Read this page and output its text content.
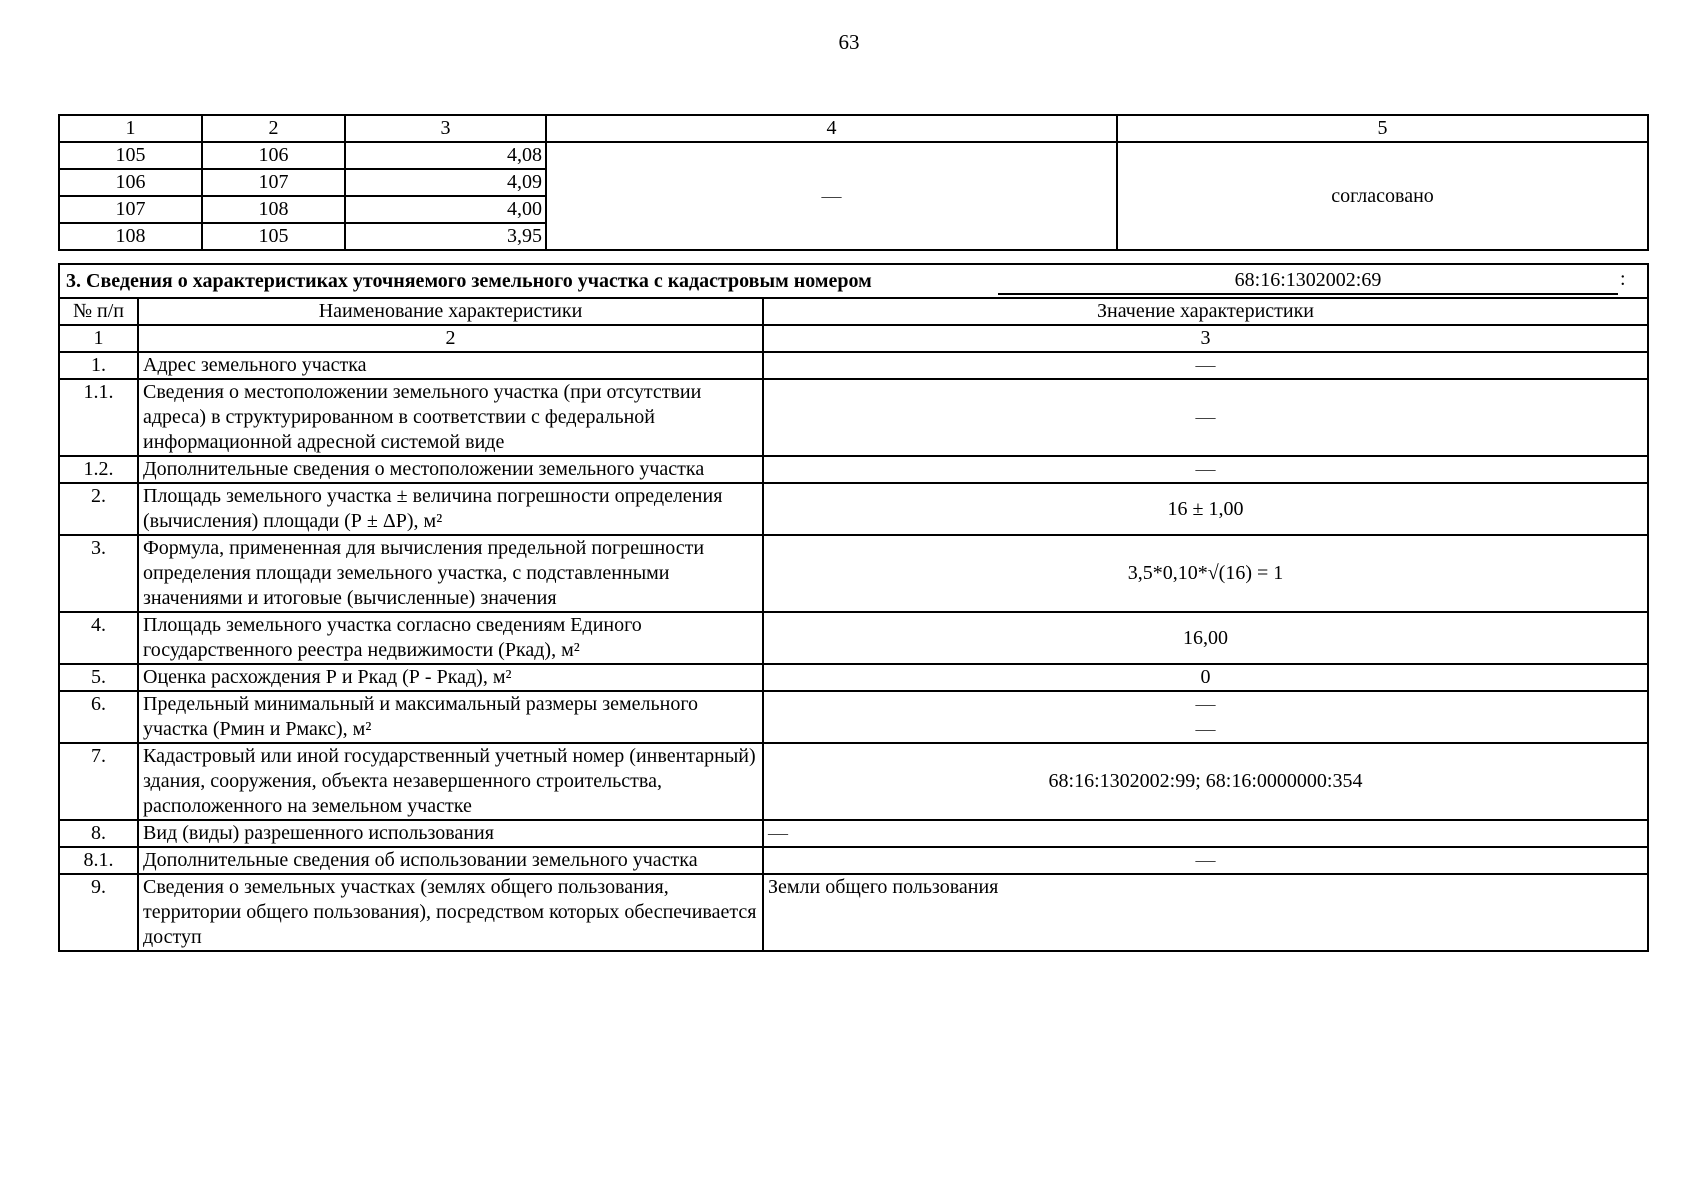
63
1	2	3	4	5
105	106	4,08	—	согласовано
106	107	4,09		
107	108	4,00		
108	105	3,95		
3. Сведения о характеристиках уточняемого земельного участка с кадастровым номером 68:16:1302002:69 :		

№ п/п	Наименование характеристики	Значение характеристики
1	2	3
1.	Адрес земельного участка	—
1.1.	Сведения о местоположении земельного участка (при отсутствии адреса) в структурированном в соответствии с федеральной информационной адресной системой виде	—
1.2.	Дополнительные сведения о местоположении земельного участка	—
2.	Площадь земельного участка ± величина погрешности определения (вычисления) площади (Р ± ΔР), м²	16 ± 1,00
3.	Формула, примененная для вычисления предельной погрешности определения площади земельного участка, с подставленными значениями и итоговые (вычисленные) значения	3,5*0,10*√(16) = 1
4.	Площадь земельного участка согласно сведениям Единого государственного реестра недвижимости (Ркад), м²	16,00
5.	Оценка расхождения Р и Ркад (Р - Ркад), м²	0
6.	Предельный минимальный и максимальный размеры земельного участка (Рмин и Рмакс), м²	—
—

7.	Кадастровый или иной государственный учетный номер (инвентарный) здания, сооружения, объекта незавершенного строительства, расположенного на земельном участке	68:16:1302002:99; 68:16:0000000:354
8.	Вид (виды) разрешенного использования	—
8.1.	Дополнительные сведения об использовании земельного участка	—
9.	Сведения о земельных участках (землях общего пользования, территории общего пользования), посредством которых обеспечивается доступ	Земли общего пользования
